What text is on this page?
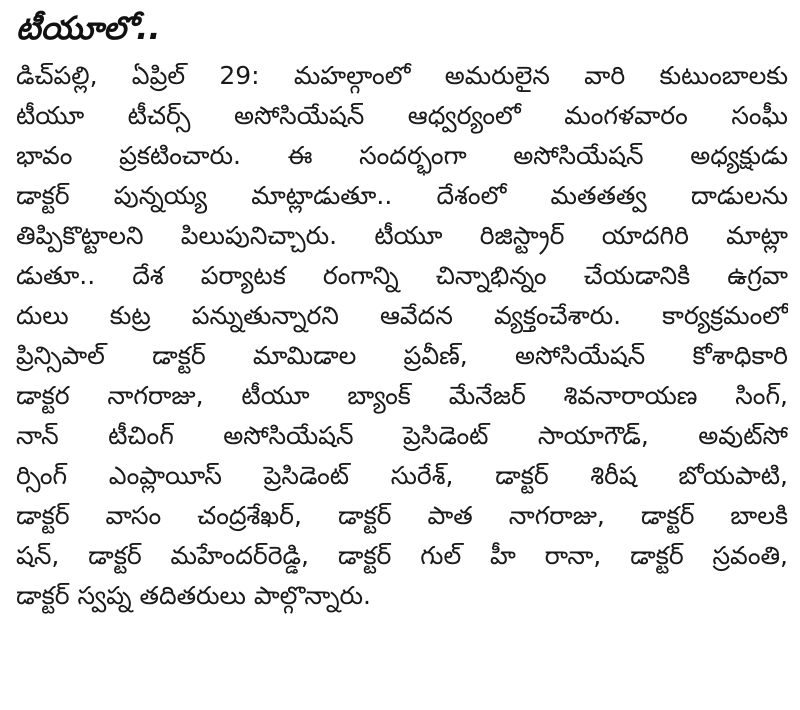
టీయూలో..
డిచ్‌పల్లి, ఏప్రిల్ 29: మహల్గాంలో అమరులైన వారి కుటుంబాలకు
టీయూ టీచర్స్ అసోసియేషన్ ఆధ్వర్యంలో మంగళవారం సంఘీ
భావం ప్రకటించారు. ఈ సందర్భంగా అసోసియేషన్ అధ్యక్షుడు
డాక్టర్ పున్నయ్య మాట్లాడుతూ.. దేశంలో మతతత్వ దాడులను
తిప్పికొట్టాలని పిలుపునిచ్చారు. టీయూ రిజిస్ట్రార్ యాదగిరి మాట్లా
డుతూ.. దేశ పర్యాటక రంగాన్ని చిన్నాభిన్నం చేయడానికి ఉగ్రవా
దులు కుట్ర పన్నుతున్నారని ఆవేదన వ్యక్తంచేశారు. కార్యక్రమంలో
ప్రిన్సిపాల్ డాక్టర్ మామిడాల ప్రవీణ్, అసోసియేషన్ కోశాధికారి
డాక్టర నాగరాజు, టీయూ బ్యాంక్ మేనేజర్ శివనారాయణ సింగ్,
నాన్ టీచింగ్ అసోసియేషన్ ప్రెసిడెంట్ సాయాగౌడ్, అవుట్‌సో
ర్సింగ్ ఎంప్లాయీస్ ప్రెసిడెంట్ సురేశ్, డాక్టర్ శిరీష బోయపాటి,
డాక్టర్ వాసం చంద్రశేఖర్, డాక్టర్ పాత నాగరాజు, డాక్టర్ బాలకి
షన్, డాక్టర్ మహేందర్‌రెడ్డి, డాక్టర్ గుల్ హీ రానా, డాక్టర్ స్రవంతి,
డాక్టర్ స్వప్న తదితరులు పాల్గొన్నారు.
